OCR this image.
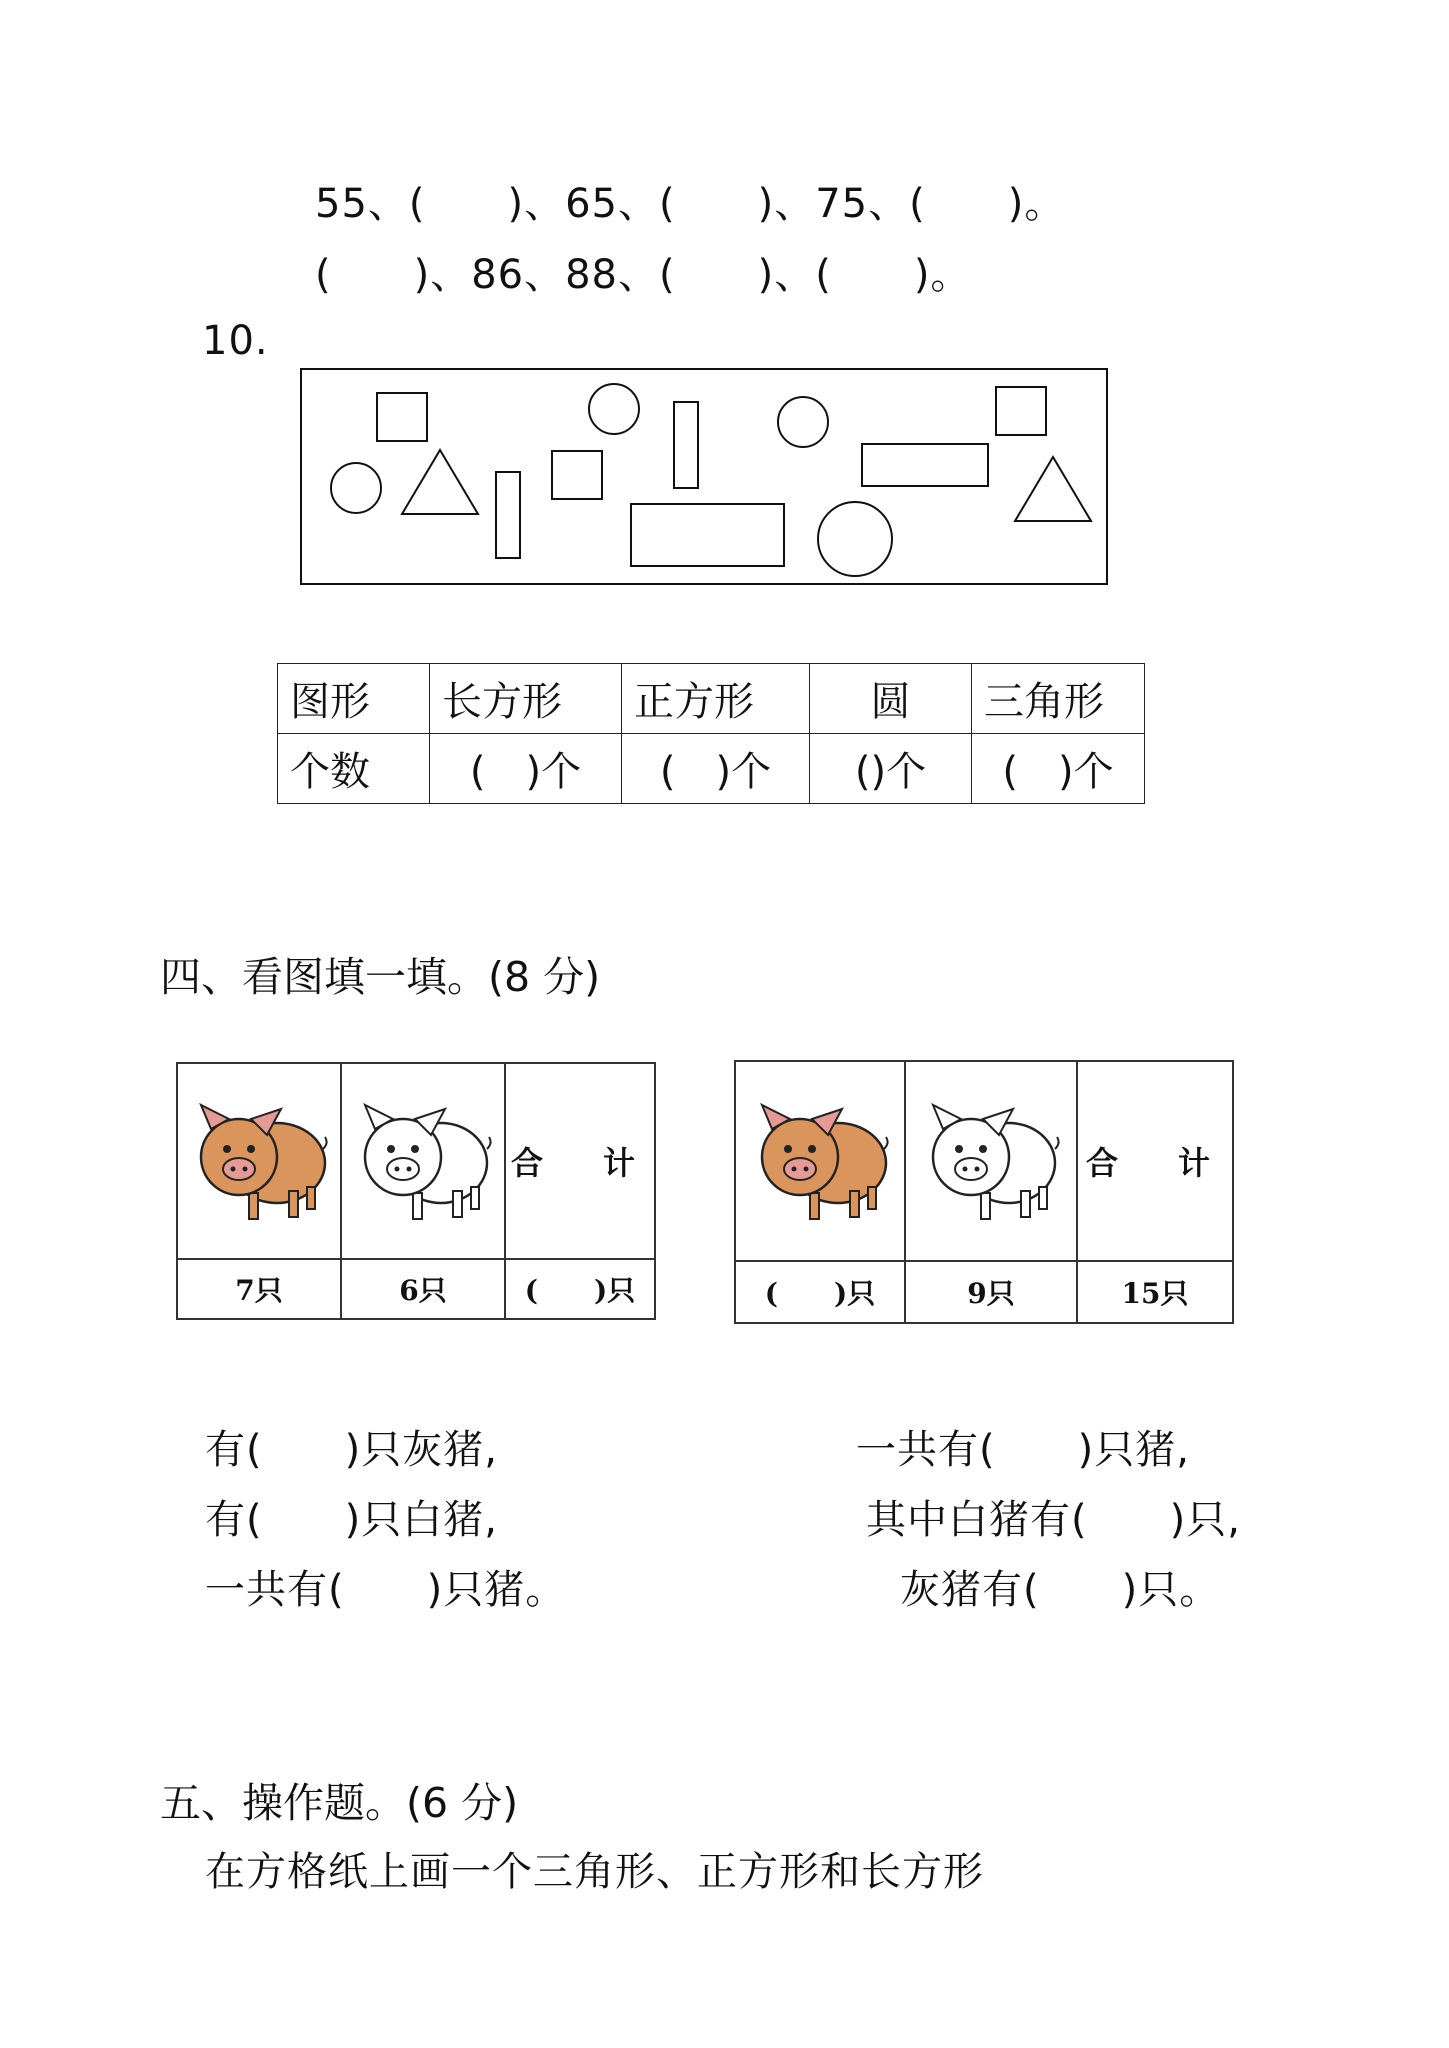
55、(　　)、65、(　　)、75、(　　)。
(　　)、86、88、(　　)、(　　)。
10.
图形	长方形	正方形	圆	三角形
个数	(　)个	(　)个	()个	(　)个
四、看图填一填。(8 分)

	合　计
7只	6只	(　　)只

	合　计
(　　)只	9只	15只
有(　　)只灰猪,
有(　　)只白猪,
一共有(　　)只猪。
一共有(　　)只猪,
其中白猪有(　　)只,
灰猪有(　　)只。
五、操作题。(6 分)
在方格纸上画一个三角形、正方形和长方形
